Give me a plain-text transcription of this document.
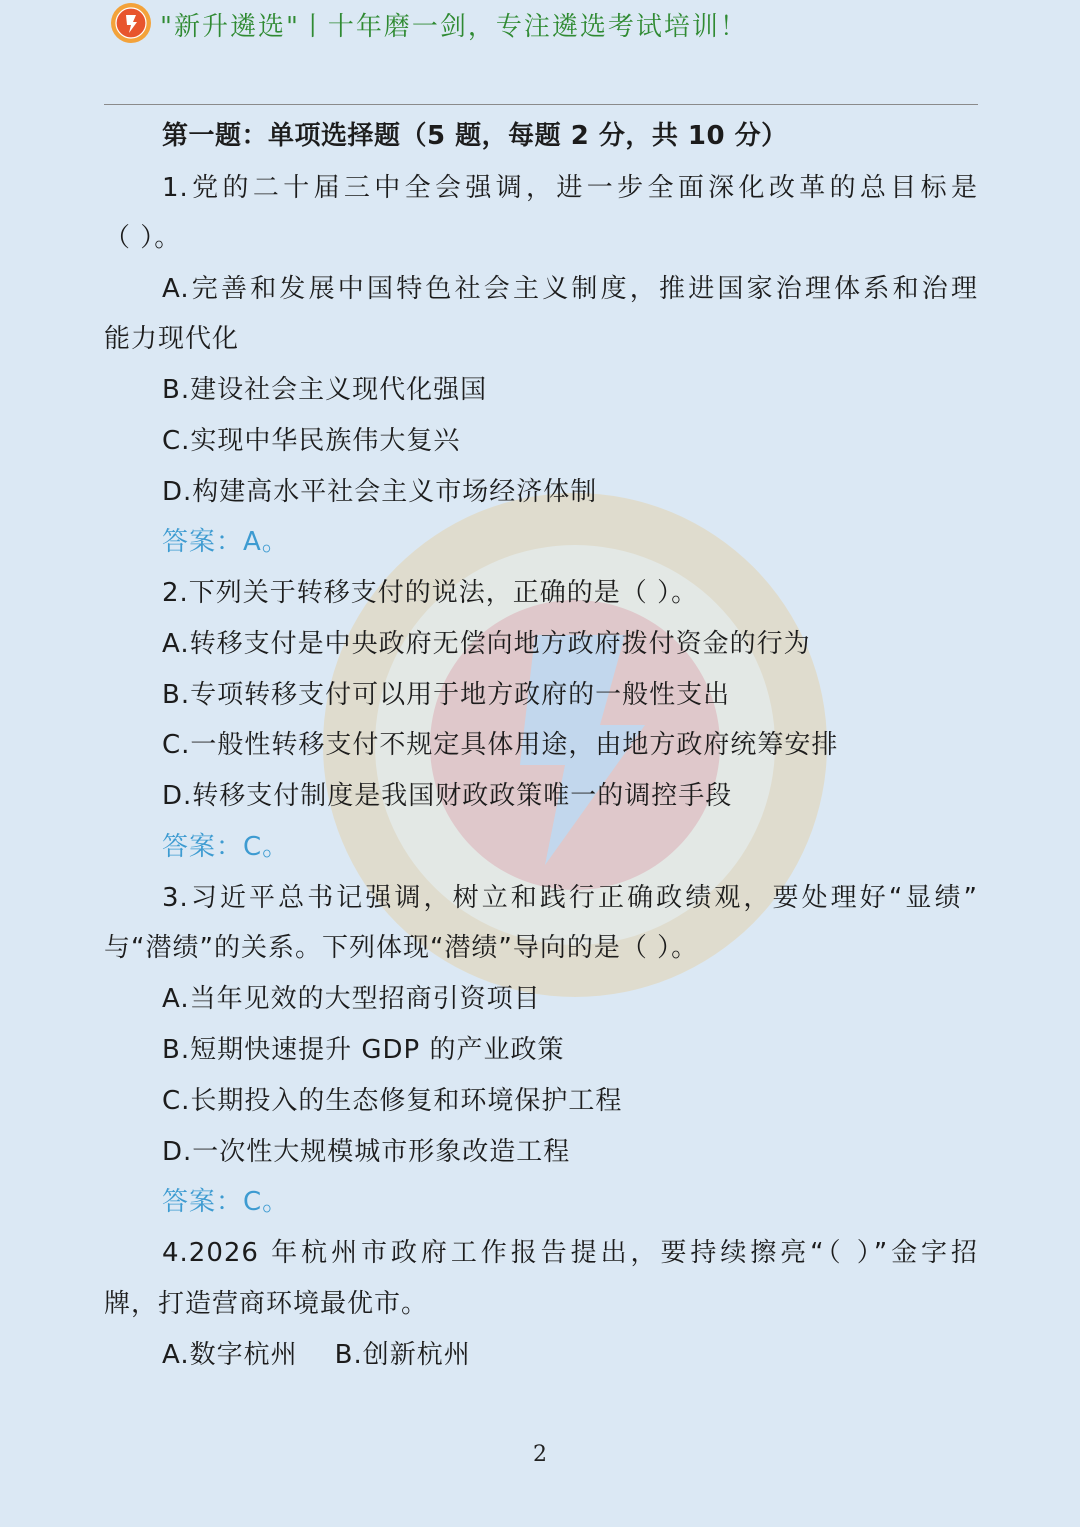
"新升遴选"丨十年磨一剑，专注遴选考试培训！
第一题：单项选择题（5 题，每题 2 分，共 10 分）
1.党的二十届三中全会强调，进一步全面深化改革的总目标是
（ ）。
A.完善和发展中国特色社会主义制度，推进国家治理体系和治理
能力现代化
B.建设社会主义现代化强国
C.实现中华民族伟大复兴
D.构建高水平社会主义市场经济体制
答案：A。
2.下列关于转移支付的说法，正确的是（ ）。
A.转移支付是中央政府无偿向地方政府拨付资金的行为
B.专项转移支付可以用于地方政府的一般性支出
C.一般性转移支付不规定具体用途，由地方政府统筹安排
D.转移支付制度是我国财政政策唯一的调控手段
答案：C。
3.习近平总书记强调，树立和践行正确政绩观，要处理好“显绩”
与“潜绩”的关系。下列体现“潜绩”导向的是（ ）。
A.当年见效的大型招商引资项目
B.短期快速提升 GDP 的产业政策
C.长期投入的生态修复和环境保护工程
D.一次性大规模城市形象改造工程
答案：C。
4.2026 年杭州市政府工作报告提出，要持续擦亮“（ ）”金字招
牌，打造营商环境最优市。
A.数字杭州    B.创新杭州
2
